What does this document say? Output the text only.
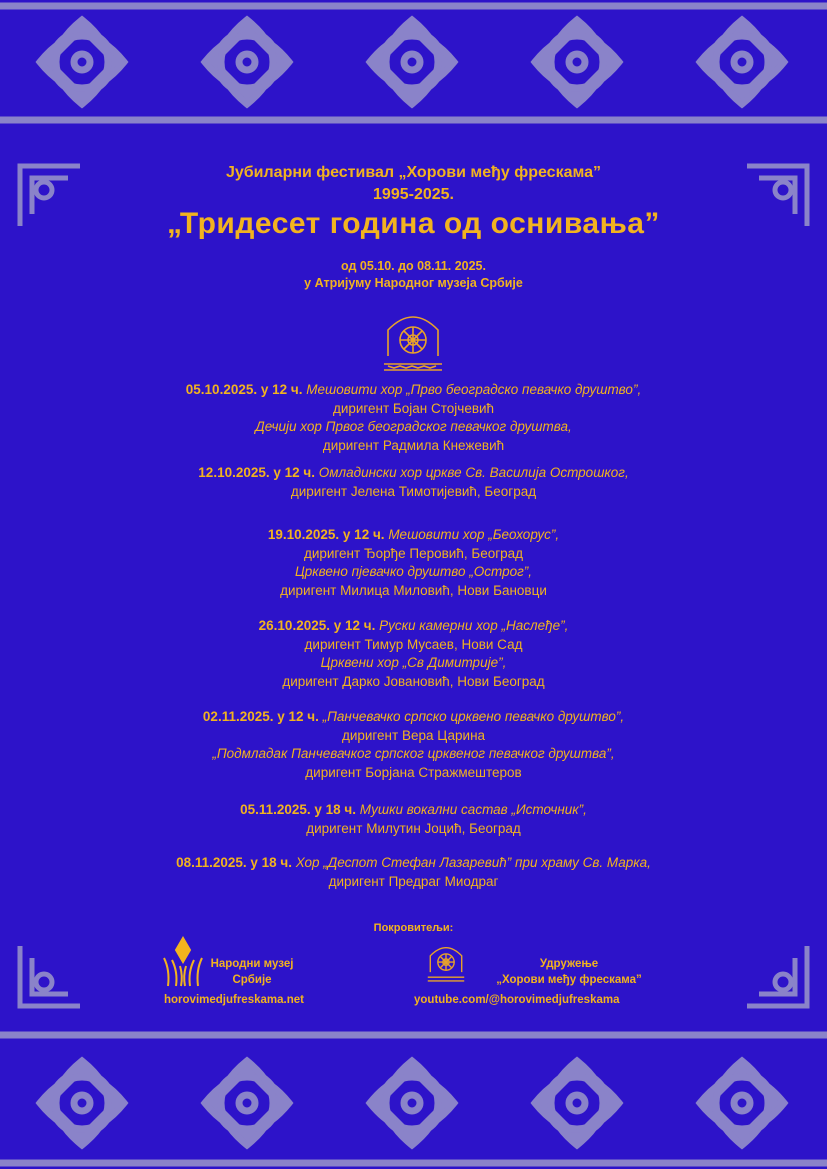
Јубиларни фестивал „Хорови међу фрескама”
1995-2025.
„Тридесет година од оснивања”
од 05.10. до 08.11. 2025.
у Атријуму Народног музеја Србије
05.10.2025. у 12 ч. Мешовити хор „Прво београдско певачко друштво”,
диригент Бојан Стојчевић
Дечији хор Првог београдског певачког друштва,
диригент Радмила Кнежевић
12.10.2025. у 12 ч. Омладински хор цркве Св. Василија Острошког,
диригент Јелена Тимотијевић, Београд
19.10.2025. у 12 ч. Мешовити хор „Беохорус”,
диригент Ђорђе Перовић, Београд
Црквено пјевачко друштво „Острог”,
диригент Милица Миловић, Нови Бановци
26.10.2025. у 12 ч. Руски камерни хор „Наслеђе”,
диригент Тимур Мусаев, Нови Сад
Црквени хор „Св Димитрије”,
диригент Дарко Јовановић, Нови Београд
02.11.2025. у 12 ч. „Панчевачко српско црквено певачко друштво”,
диригент Вера Царина
„Подмладак Панчевачког српског црквеног певачког друштва”,
диригент Борјана Стражмештеров
05.11.2025. у 18 ч. Мушки вокални састав „Источник”,
диригент Милутин Јоцић, Београд
08.11.2025. у 18 ч. Хор „Деспот Стефан Лазаревић” при храму Св. Марка,
диригент Предраг Миодраг
Покровитељи:
Народни музеј
Србије
horovimedjufreskama.net
Удружење
„Хорови међу фрескама”
youtube.com/@horovimedjufreskama
